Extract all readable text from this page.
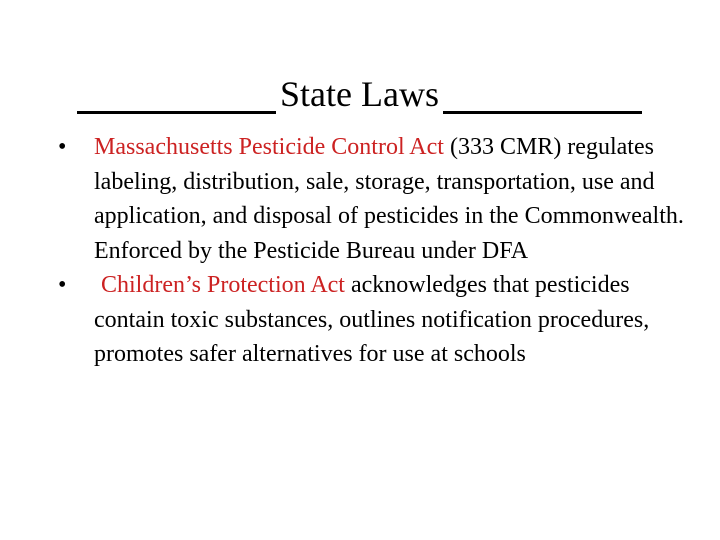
State Laws
•	Massachusetts Pesticide Control Act (333 CMR) regulates labeling, distribution, sale, storage, transportation, use and application, and disposal of pesticides in the Commonwealth. Enforced by the Pesticide Bureau under DFA
•	Children’s Protection Act acknowledges that pesticides contain toxic substances, outlines notification procedures, promotes safer alternatives for use at schools
